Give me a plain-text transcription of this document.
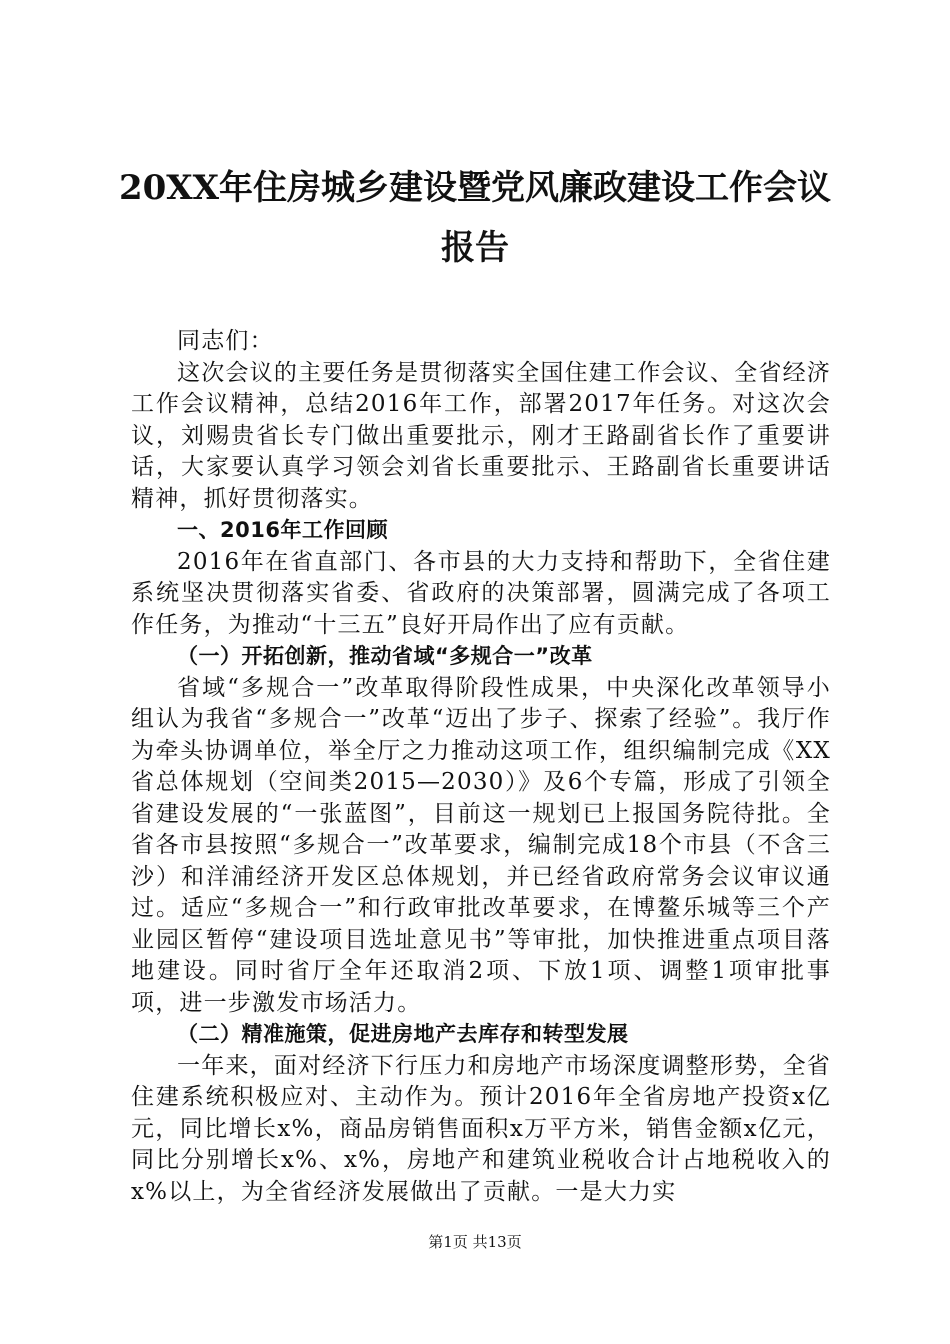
20XX年住房城乡建设暨党风廉政建设工作会议报告

同志们：

这次会议的主要任务是贯彻落实全国住建工作会议、全省经济工作会议精神，总结2016年工作，部署2017年任务。对这次会议，刘赐贵省长专门做出重要批示，刚才王路副省长作了重要讲话，大家要认真学习领会刘省长重要批示、王路副省长重要讲话精神，抓好贯彻落实。

一、2016年工作回顾

2016年在省直部门、各市县的大力支持和帮助下，全省住建系统坚决贯彻落实省委、省政府的决策部署，圆满完成了各项工作任务，为推动“十三五”良好开局作出了应有贡献。

（一）开拓创新，推动省域“多规合一”改革

省域“多规合一”改革取得阶段性成果，中央深化改革领导小组认为我省“多规合一”改革“迈出了步子、探索了经验”。我厅作为牵头协调单位，举全厅之力推动这项工作，组织编制完成《XX省总体规划（空间类2015—2030）》及6个专篇，形成了引领全省建设发展的“一张蓝图”，目前这一规划已上报国务院待批。全省各市县按照“多规合一”改革要求，编制完成18个市县（不含三沙）和洋浦经济开发区总体规划，并已经省政府常务会议审议通过。适应“多规合一”和行政审批改革要求，在博鳌乐城等三个产业园区暂停“建设项目选址意见书”等审批，加快推进重点项目落地建设。同时省厅全年还取消2项、下放1项、调整1项审批事项，进一步激发市场活力。

（二）精准施策，促进房地产去库存和转型发展

一年来，面对经济下行压力和房地产市场深度调整形势，全省住建系统积极应对、主动作为。预计2016年全省房地产投资x亿元，同比增长x%，商品房销售面积x万平方米，销售金额x亿元，同比分别增长x%、x%，房地产和建筑业税收合计占地税收入的x%以上，为全省经济发展做出了贡献。一是大力实

第1页 共13页
